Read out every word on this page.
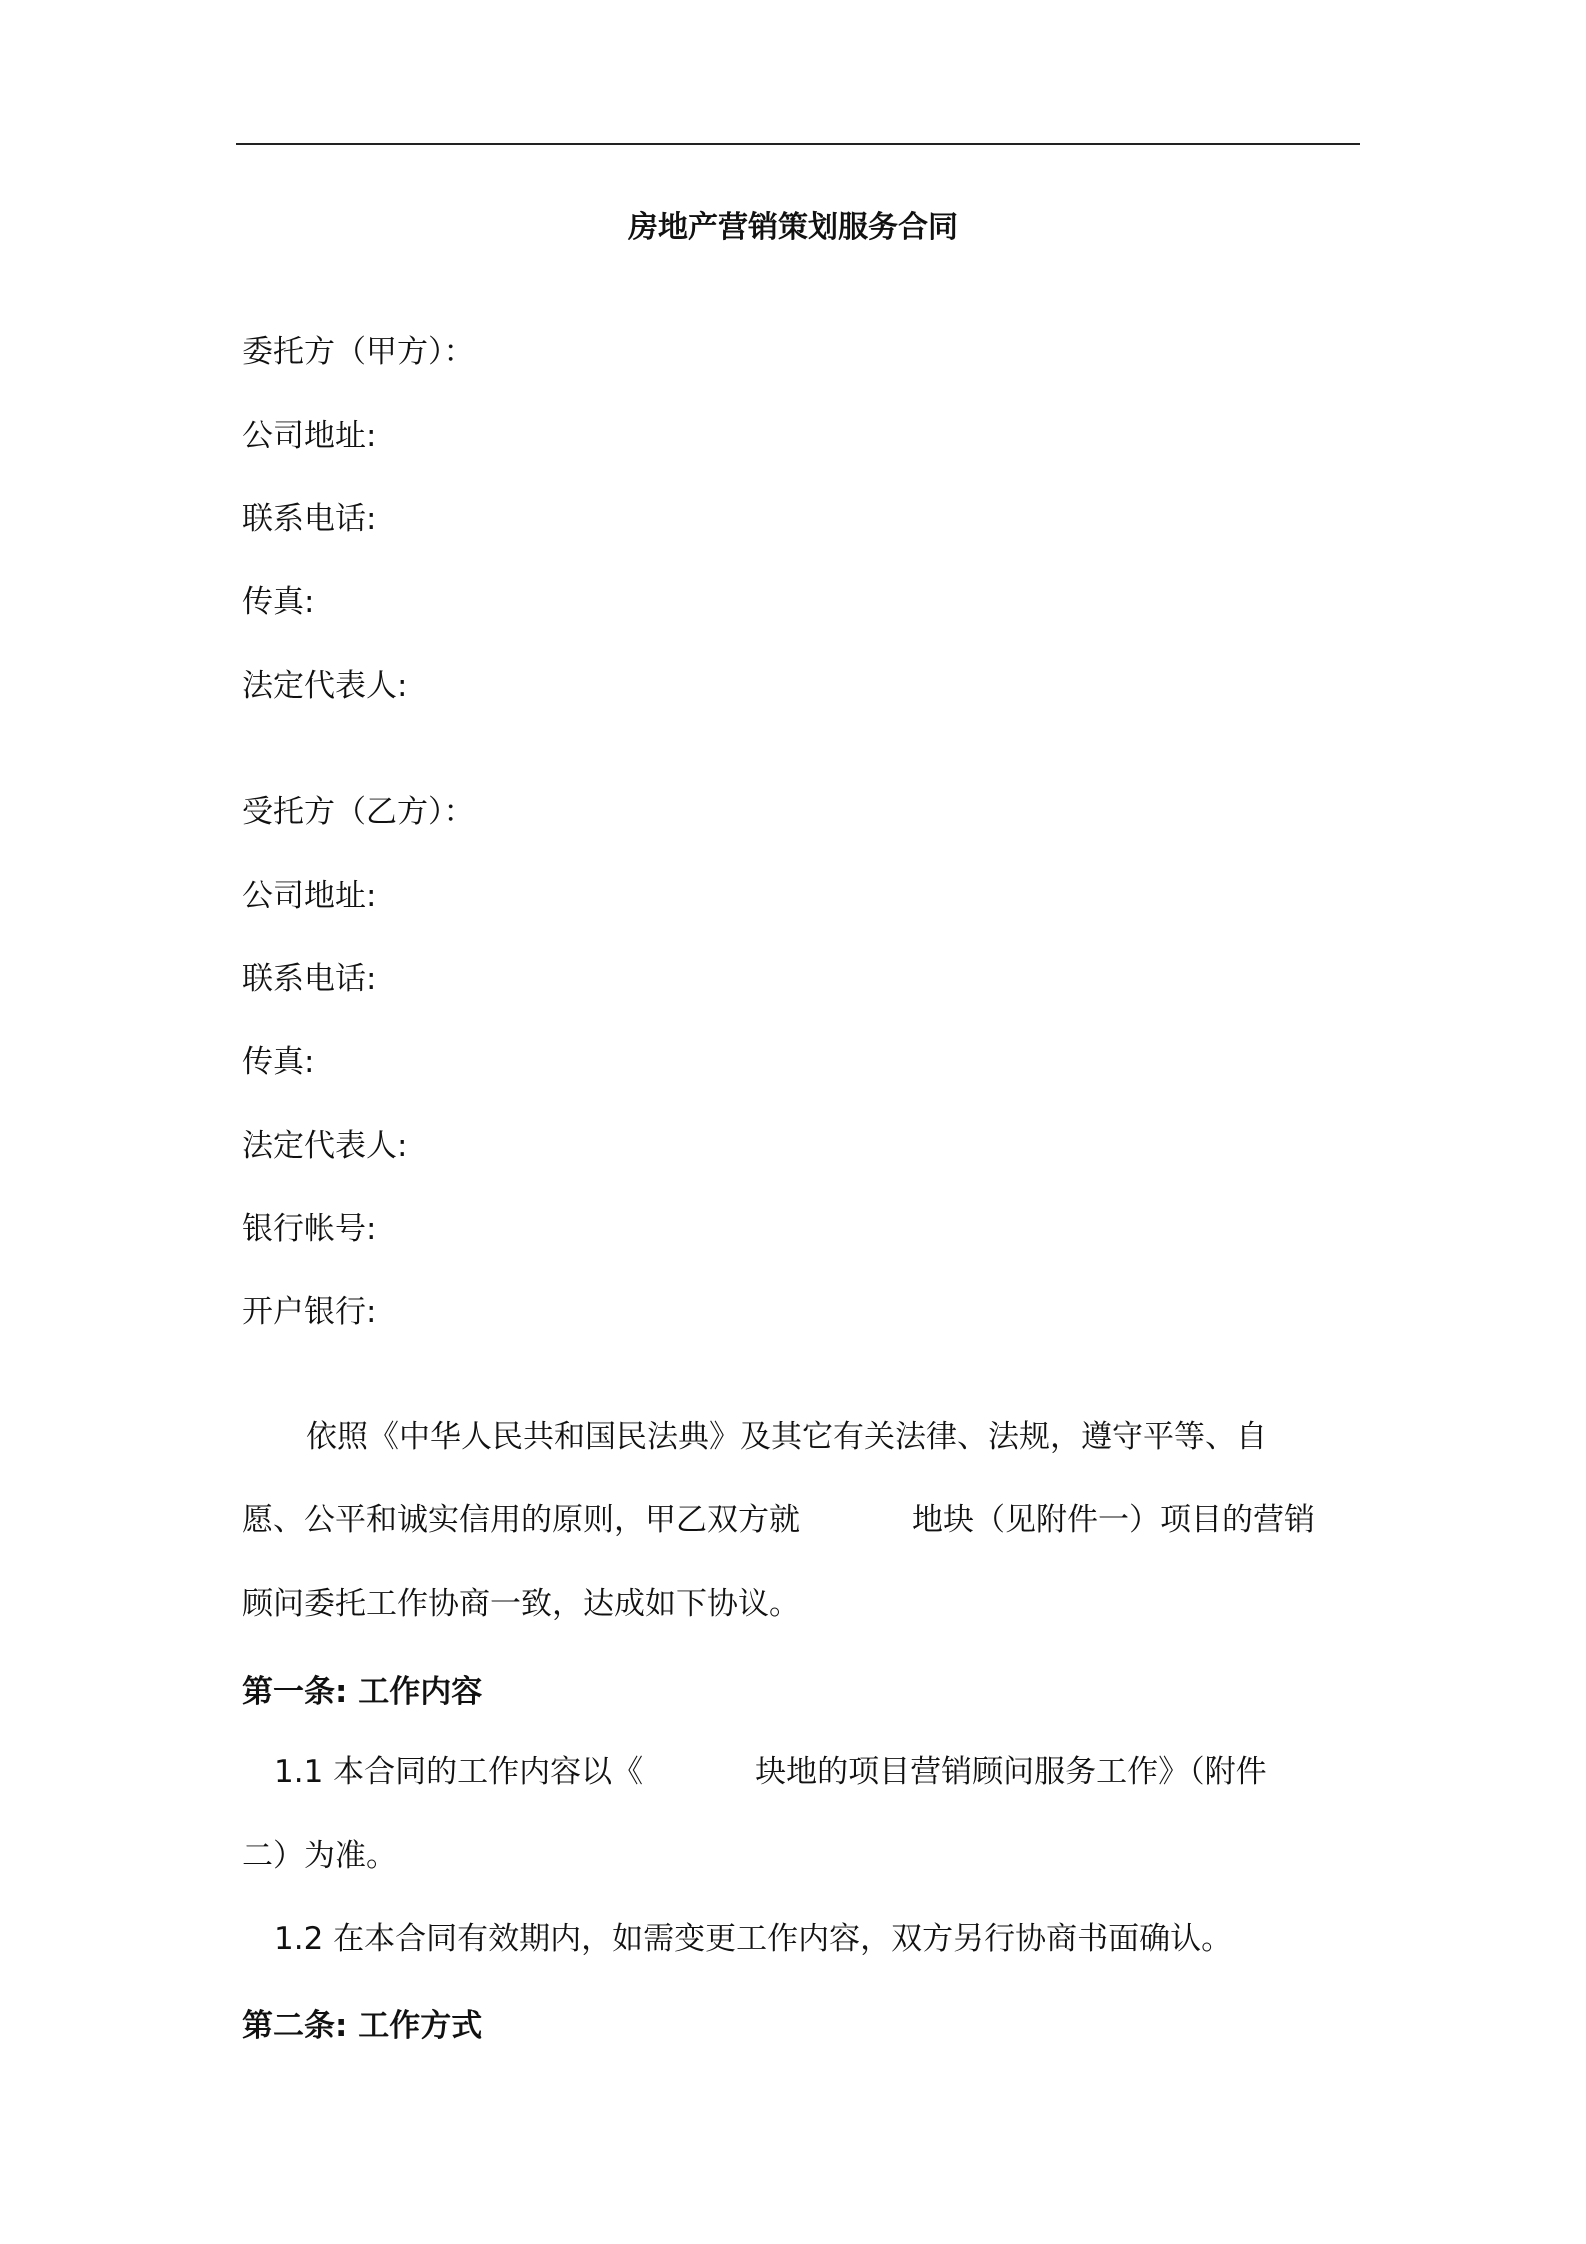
房地产营销策划服务合同
委托方（甲方）：
公司地址:
联系电话:
传真:
法定代表人:
受托方（乙方）：
公司地址:
联系电话:
传真:
法定代表人:
银行帐号:
开户银行:
依照《中华人民共和国民法典》及其它有关法律、法规，遵守平等、自
愿、公平和诚实信用的原则，甲乙双方就	地块（见附件一）项目的营销
顾问委托工作协商一致，达成如下协议。
第一条: 工作内容
1.1 本合同的工作内容以《	块地的项目营销顾问服务工作》（附件
二）为准。
1.2 在本合同有效期内，如需变更工作内容，双方另行协商书面确认。
第二条: 工作方式
